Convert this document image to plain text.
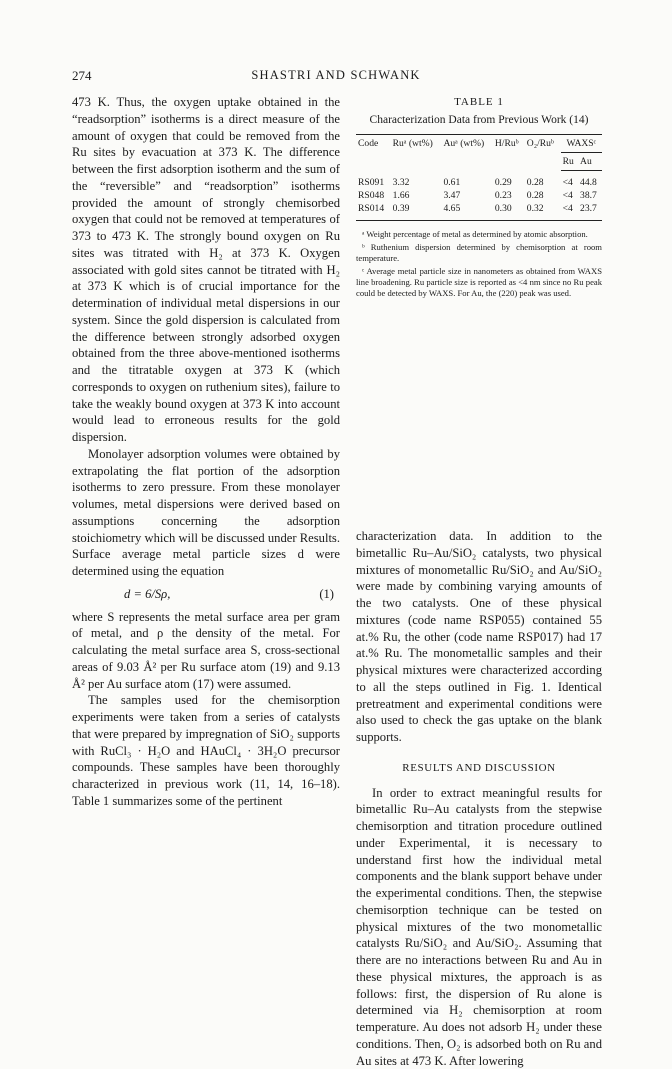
274	SHASTRI AND SCHWANK

473 K. Thus, the oxygen uptake obtained in the “readsorption” isotherms is a direct measure of the amount of oxygen that could be removed from the Ru sites by evacuation at 373 K. The difference between the first adsorption isotherm and the sum of the “reversible” and “readsorption” isotherms provided the amount of strongly chemisorbed oxygen that could not be removed at temperatures of 373 to 473 K. The strongly bound oxygen on Ru sites was titrated with H₂ at 373 K. Oxygen associated with gold sites cannot be titrated with H₂ at 373 K which is of crucial importance for the determination of individual metal dispersions in our system. Since the gold dispersion is calculated from the difference between strongly adsorbed oxygen obtained from the three above-mentioned isotherms and the titratable oxygen at 373 K (which corresponds to oxygen on ruthenium sites), failure to take the weakly bound oxygen at 373 K into account would lead to erroneous results for the gold dispersion.

Monolayer adsorption volumes were obtained by extrapolating the flat portion of the adsorption isotherms to zero pressure. From these monolayer volumes, metal dispersions were derived based on assumptions concerning the adsorption stoichiometry which will be discussed under Results. Surface average metal particle sizes d were determined using the equation

d = 6/Sρ,	(1)

where S represents the metal surface area per gram of metal, and ρ the density of the metal. For calculating the metal surface area S, cross-sectional areas of 9.03 Å² per Ru surface atom (19) and 9.13 Å² per Au surface atom (17) were assumed.

The samples used for the chemisorption experiments were taken from a series of catalysts that were prepared by impregnation of SiO₂ supports with RuCl₃ · H₂O and HAuCl₄ · 3H₂O precursor compounds. These samples have been thoroughly characterized in previous work (11, 14, 16–18). Table 1 summarizes some of the pertinent

TABLE 1
Characterization Data from Previous Work (14)
Code	Ruᵃ (wt%)	Auᵃ (wt%)	H/Ruᵇ	O₂/Ruᵇ	WAXSᶜ	
					Ru	Au
RS091	3.32	0.61	0.29	0.28	<4	44.8
RS048	1.66	3.47	0.23	0.28	<4	38.7
RS014	0.39	4.65	0.30	0.32	<4	23.7

ᵃ Weight percentage of metal as determined by atomic absorption.

ᵇ Ruthenium dispersion determined by chemisorption at room temperature.

ᶜ Average metal particle size in nanometers as obtained from WAXS line broadening. Ru particle size is reported as <4 nm since no Ru peak could be detected by WAXS. For Au, the (220) peak was used.

characterization data. In addition to the bimetallic Ru–Au/SiO₂ catalysts, two physical mixtures of monometallic Ru/SiO₂ and Au/SiO₂ were made by combining varying amounts of the two catalysts. One of these physical mixtures (code name RSP055) contained 55 at.% Ru, the other (code name RSP017) had 17 at.% Ru. The monometallic samples and their physical mixtures were characterized according to all the steps outlined in Fig. 1. Identical pretreatment and experimental conditions were also used to check the gas uptake on the blank supports.

RESULTS AND DISCUSSION

In order to extract meaningful results for bimetallic Ru–Au catalysts from the stepwise chemisorption and titration procedure outlined under Experimental, it is necessary to understand first how the individual metal components and the blank support behave under the experimental conditions. Then, the stepwise chemisorption technique can be tested on physical mixtures of the two monometallic catalysts Ru/SiO₂ and Au/SiO₂. Assuming that there are no interactions between Ru and Au in these physical mixtures, the approach is as follows: first, the dispersion of Ru alone is determined via H₂ chemisorption at room temperature. Au does not adsorb H₂ under these conditions. Then, O₂ is adsorbed both on Ru and Au sites at 473 K. After lowering
